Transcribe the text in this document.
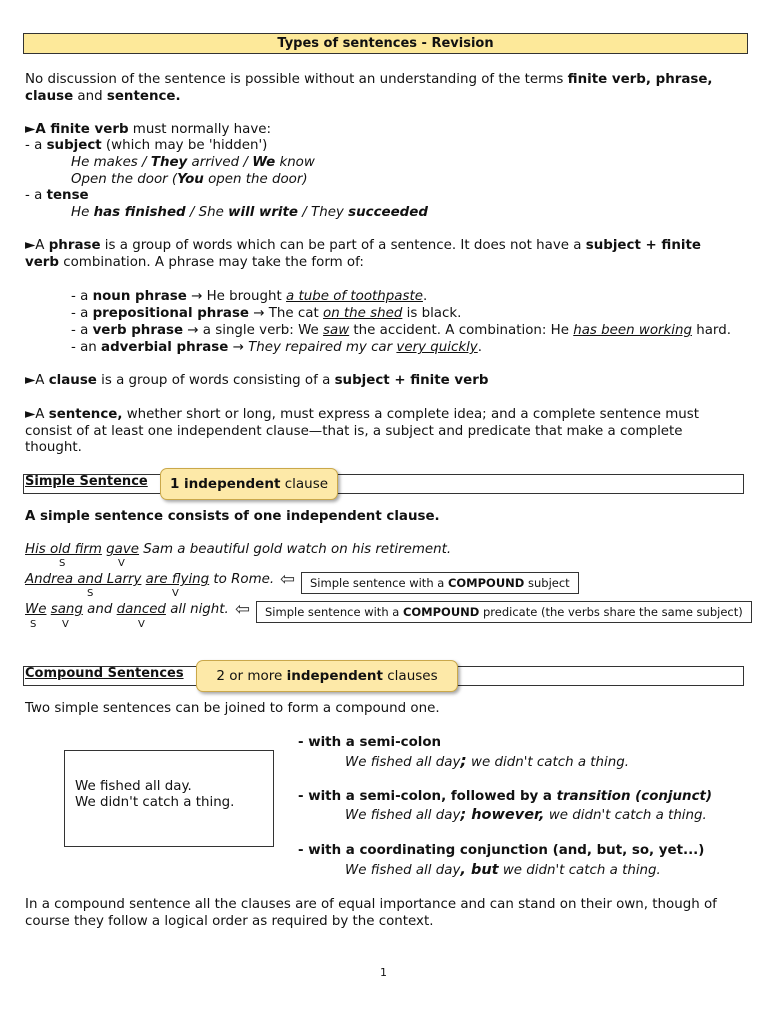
Types of sentences - Revision
No discussion of the sentence is possible without an understanding of the terms finite verb, phrase,
clause and sentence.
►A finite verb must normally have:
- a subject (which may be 'hidden')
He makes / They arrived / We know
Open the door (You open the door)
- a tense
He has finished / She will write / They succeeded
►A phrase is a group of words which can be part of a sentence. It does not have a subject + finite
verb combination. A phrase may take the form of:
- a noun phrase → He brought a tube of toothpaste.
- a prepositional phrase → The cat on the shed is black.
- a verb phrase → a single verb: We saw the accident. A combination: He has been working hard.
- an adverbial phrase → They repaired my car very quickly.
►A clause is a group of words consisting of a subject + finite verb
►A sentence, whether short or long, must express a complete idea; and a complete sentence must
consist of at least one independent clause—that is, a subject and predicate that make a complete
thought.
Simple Sentence	1 independent clause
A simple sentence consists of one independent clause.
His old firm gave Sam a beautiful gold watch on his retirement.
S	V
Andrea and Larry are flying to Rome. ⇦	Simple sentence with a COMPOUND subject
S	V
We sang and danced all night. ⇦	Simple sentence with a COMPOUND predicate (the verbs share the same subject)
S	V	V
Compound Sentences	2 or more independent clauses
Two simple sentences can be joined to form a compound one.
We fished all day.
We didn't catch a thing.
- with a semi-colon
We fished all day; we didn't catch a thing.
- with a semi-colon, followed by a transition (conjunct)
We fished all day; however, we didn't catch a thing.
- with a coordinating conjunction (and, but, so, yet...)
We fished all day, but we didn't catch a thing.
In a compound sentence all the clauses are of equal importance and can stand on their own, though of
course they follow a logical order as required by the context.
1
